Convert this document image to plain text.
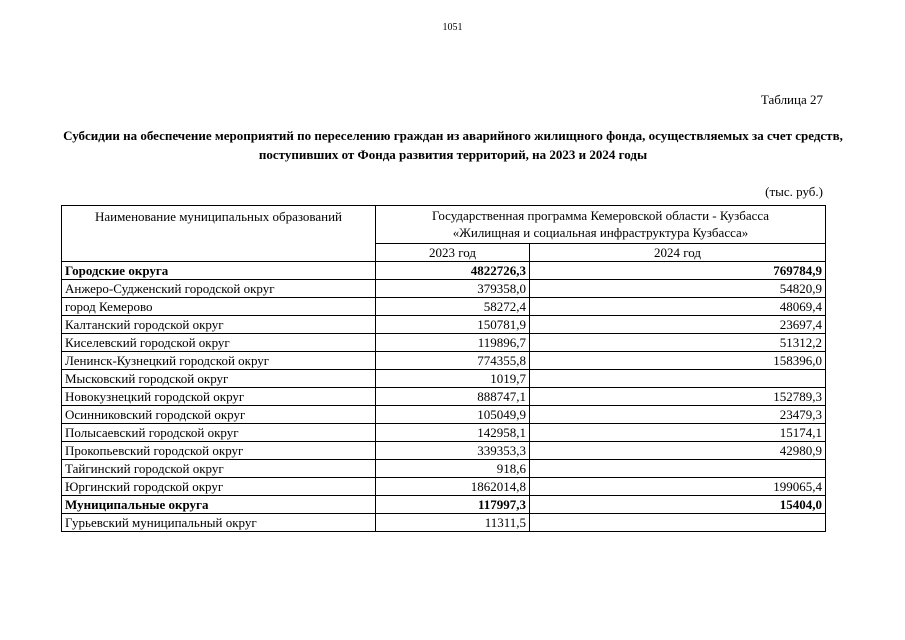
1051
Таблица 27
Субсидии на обеспечение мероприятий по переселению граждан из аварийного жилищного фонда, осуществляемых за счет средств, поступивших от Фонда развития территорий, на 2023 и 2024 годы
(тыс. руб.)
Наименование муниципальных образований	Государственная программа Кемеровской области - Кузбасса
«Жилищная и социальная инфраструктура Кузбасса»	
	2023 год	2024 год
Городские округа	4822726,3	769784,9
Анжеро-Судженский городской округ	379358,0	54820,9
город Кемерово	58272,4	48069,4
Калтанский городской округ	150781,9	23697,4
Киселевский городской округ	119896,7	51312,2
Ленинск-Кузнецкий городской округ	774355,8	158396,0
Мысковский городской округ	1019,7	
Новокузнецкий городской округ	888747,1	152789,3
Осинниковский городской округ	105049,9	23479,3
Полысаевский городской округ	142958,1	15174,1
Прокопьевский городской округ	339353,3	42980,9
Тайгинский городской округ	918,6	
Юргинский городской округ	1862014,8	199065,4
Муниципальные округа	117997,3	15404,0
Гурьевский муниципальный округ	11311,5	
